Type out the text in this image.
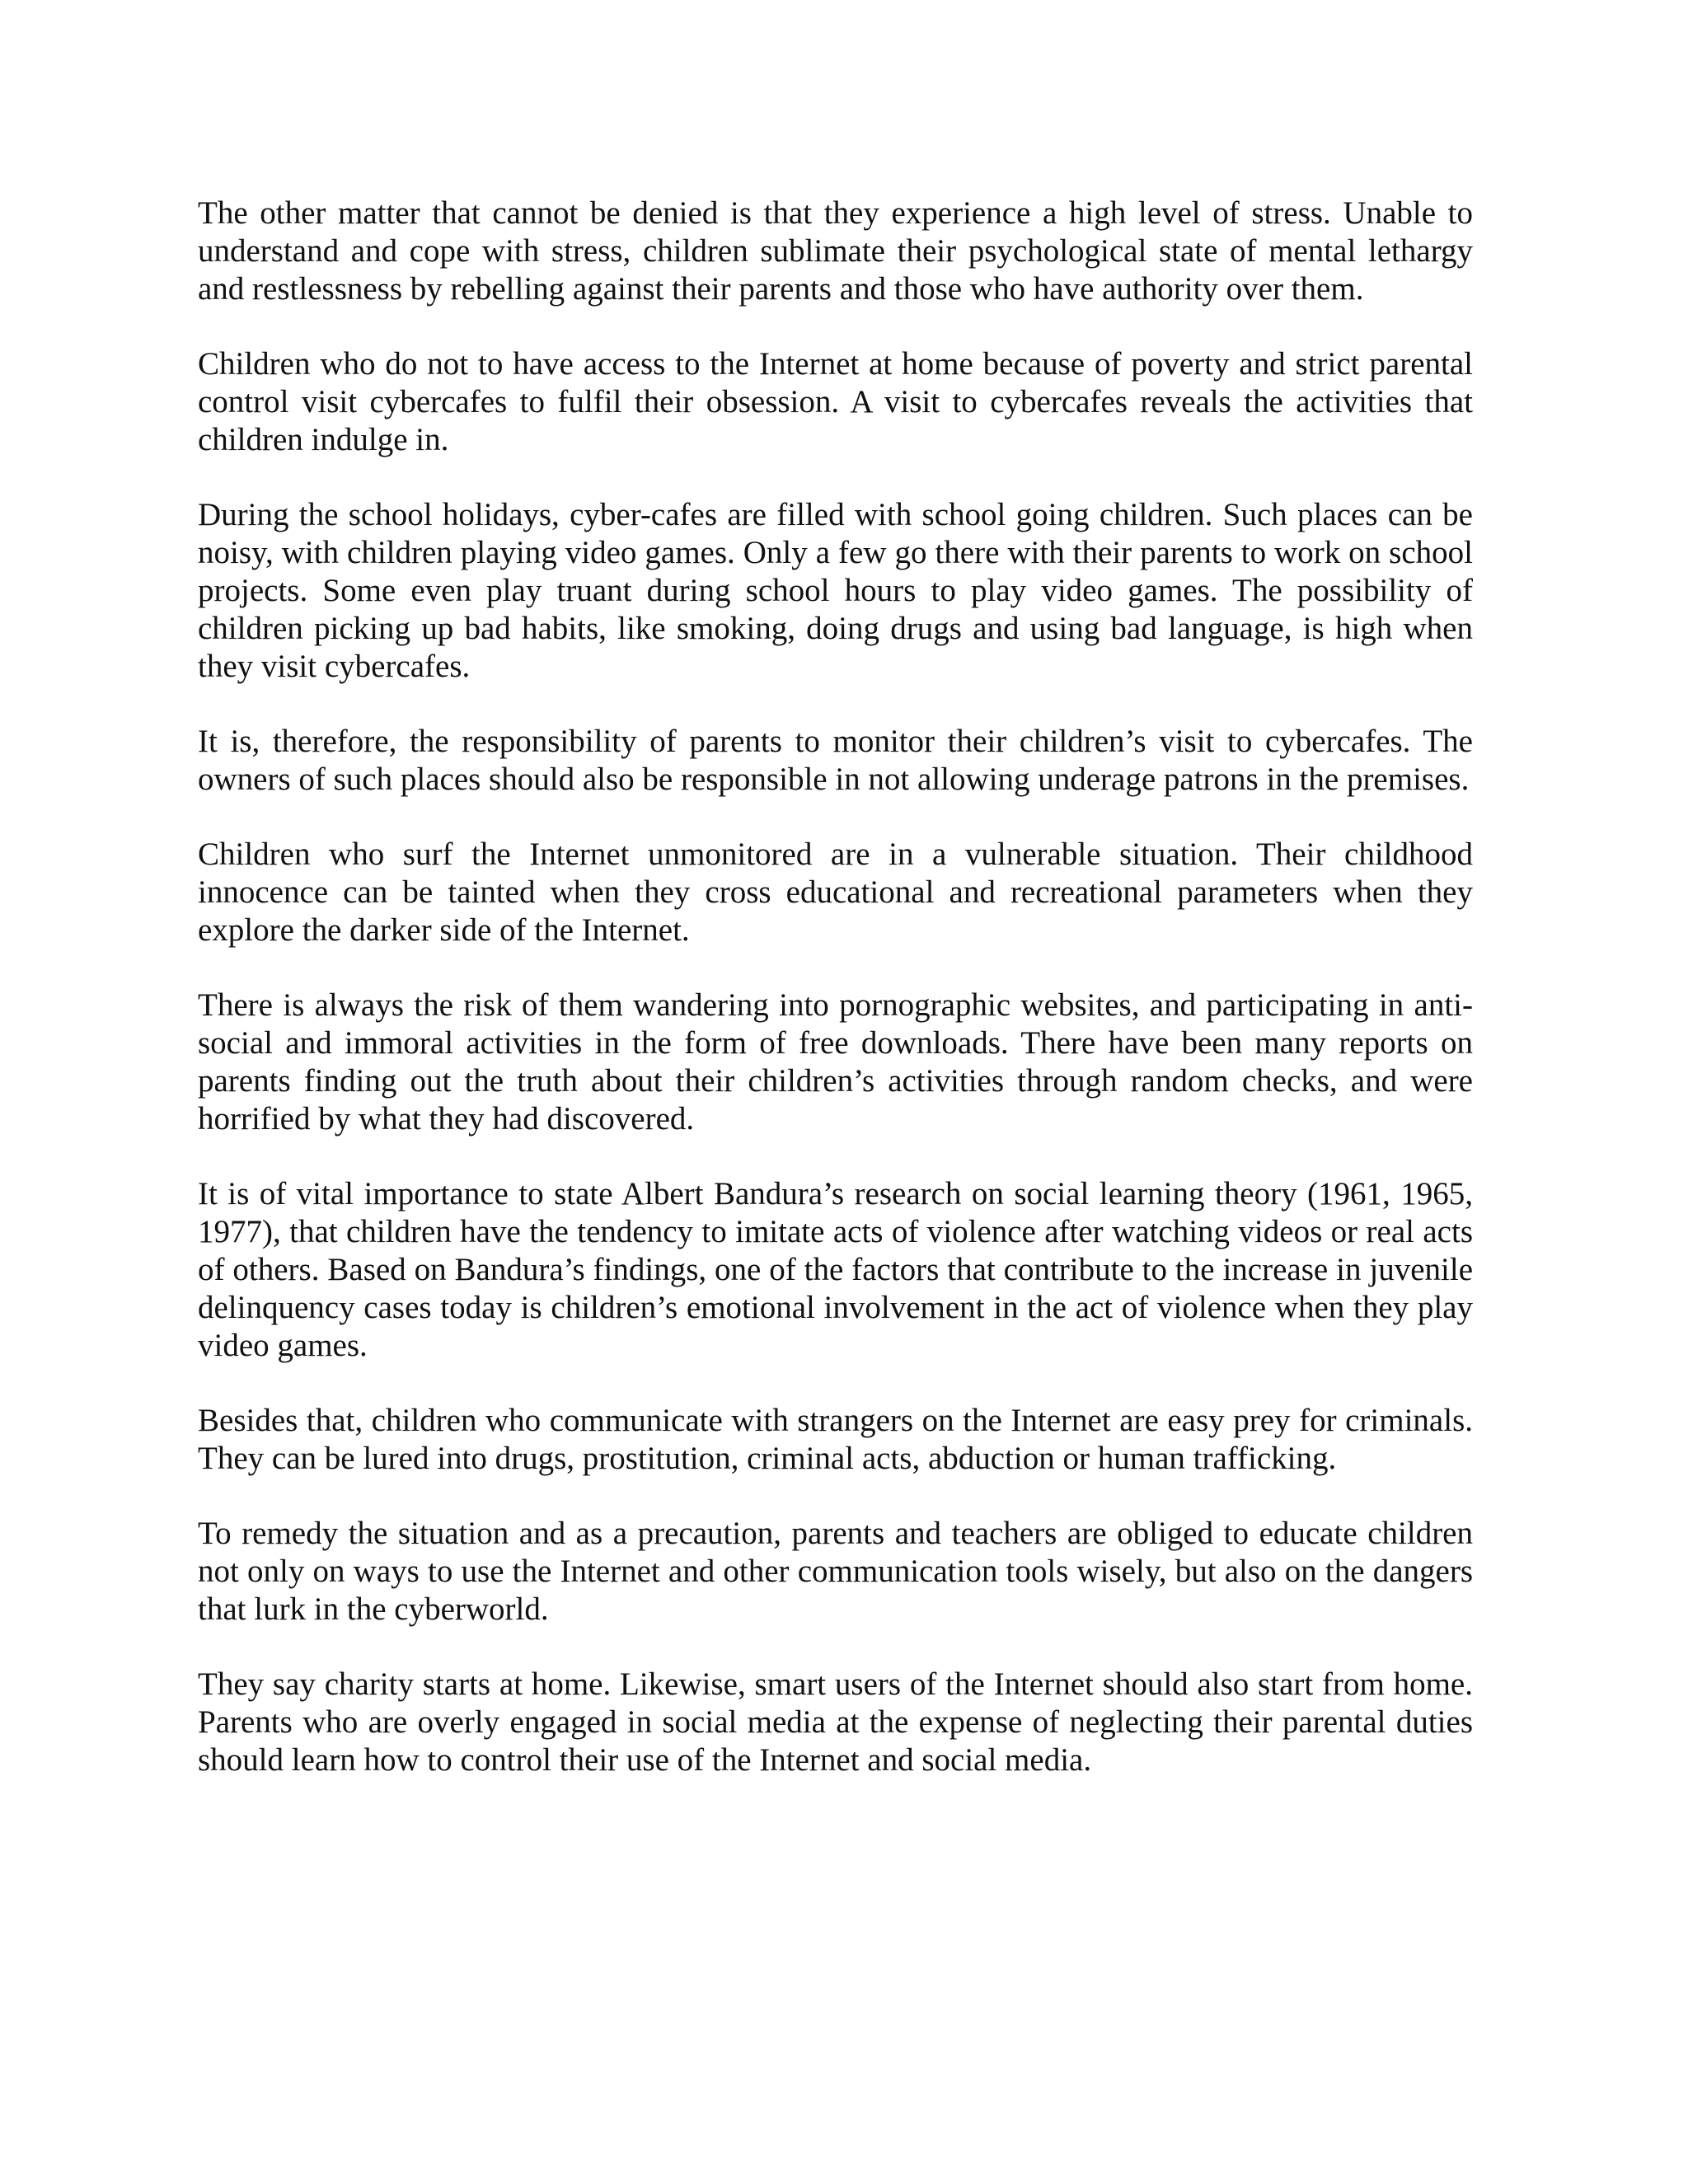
The other matter that cannot be denied is that they experience a high level of stress. Unable to understand and cope with stress, children sublimate their psychological state of mental lethargy and restlessness by rebelling against their parents and those who have authority over them.

Children who do not to have access to the Internet at home because of poverty and strict parental control visit cybercafes to fulfil their obsession. A visit to cybercafes reveals the activities that children indulge in.

During the school holidays, cyber-cafes are filled with school going children. Such places can be noisy, with children playing video games. Only a few go there with their parents to work on school projects. Some even play truant during school hours to play video games. The possibility of children picking up bad habits, like smoking, doing drugs and using bad language, is high when they visit cybercafes.

It is, therefore, the responsibility of parents to monitor their children’s visit to cybercafes. The owners of such places should also be responsible in not allowing underage patrons in the premises.

Children who surf the Internet unmonitored are in a vulnerable situation. Their childhood innocence can be tainted when they cross educational and recreational parameters when they explore the darker side of the Internet.

There is always the risk of them wandering into pornographic websites, and participating in anti-social and immoral activities in the form of free downloads. There have been many reports on parents finding out the truth about their children’s activities through random checks, and were horrified by what they had discovered.

It is of vital importance to state Albert Bandura’s research on social learning theory (1961, 1965, 1977), that children have the tendency to imitate acts of violence after watching videos or real acts of others. Based on Bandura’s findings, one of the factors that contribute to the increase in juvenile delinquency cases today is children’s emotional involvement in the act of violence when they play video games.

Besides that, children who communicate with strangers on the Internet are easy prey for criminals. They can be lured into drugs, prostitution, criminal acts, abduction or human trafficking.

To remedy the situation and as a precaution, parents and teachers are obliged to educate children not only on ways to use the Internet and other communication tools wisely, but also on the dangers that lurk in the cyberworld.

They say charity starts at home. Likewise, smart users of the Internet should also start from home. Parents who are overly engaged in social media at the expense of neglecting their parental duties should learn how to control their use of the Internet and social media.
